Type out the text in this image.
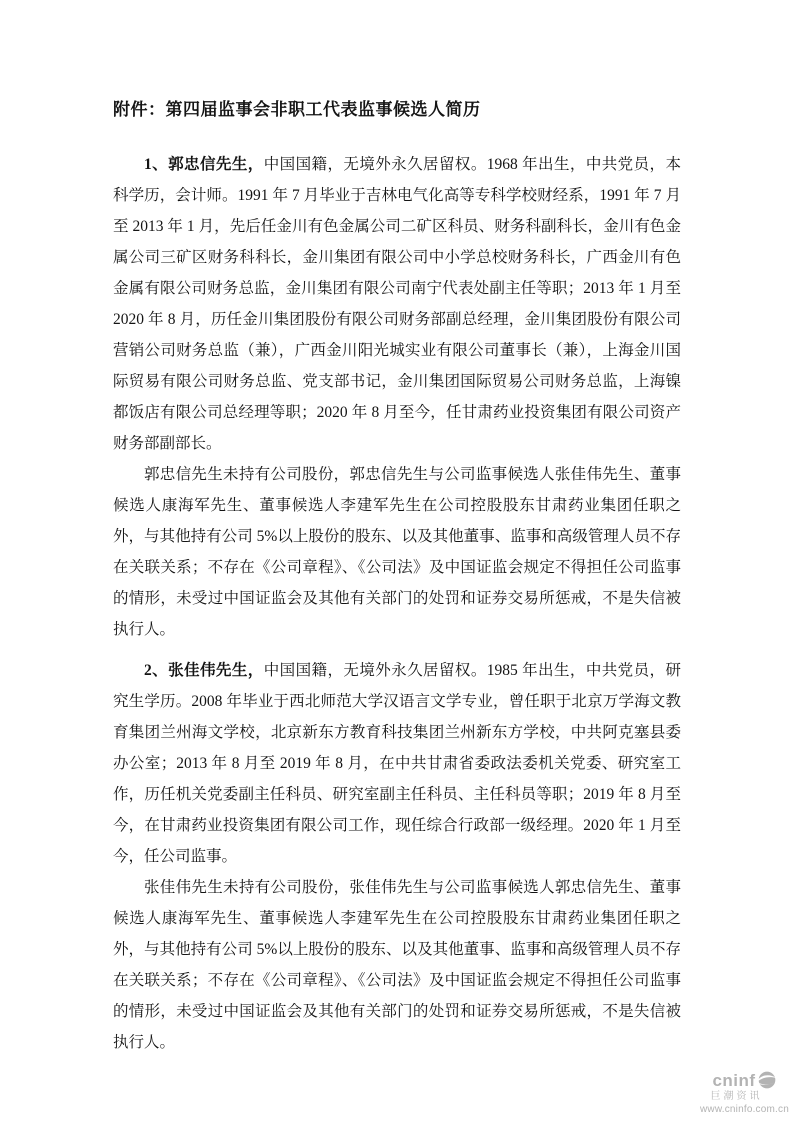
附件：第四届监事会非职工代表监事候选人简历

1、郭忠信先生，中国国籍，无境外永久居留权。1968 年出生，中共党员，本科学历，会计师。1991 年 7 月毕业于吉林电气化高等专科学校财经系，1991 年 7 月至 2013 年 1 月，先后任金川有色金属公司二矿区科员、财务科副科长，金川有色金属公司三矿区财务科科长，金川集团有限公司中小学总校财务科长，广西金川有色金属有限公司财务总监，金川集团有限公司南宁代表处副主任等职；2013 年 1 月至 2020 年 8 月，历任金川集团股份有限公司财务部副总经理，金川集团股份有限公司营销公司财务总监（兼），广西金川阳光城实业有限公司董事长（兼），上海金川国际贸易有限公司财务总监、党支部书记，金川集团国际贸易公司财务总监，上海镍都饭店有限公司总经理等职；2020 年 8 月至今，任甘肃药业投资集团有限公司资产财务部副部长。

郭忠信先生未持有公司股份，郭忠信先生与公司监事候选人张佳伟先生、董事候选人康海军先生、董事候选人李建军先生在公司控股股东甘肃药业集团任职之外，与其他持有公司 5%以上股份的股东、以及其他董事、监事和高级管理人员不存在关联关系；不存在《公司章程》、《公司法》及中国证监会规定不得担任公司监事的情形，未受过中国证监会及其他有关部门的处罚和证券交易所惩戒，不是失信被执行人。

2、张佳伟先生，中国国籍，无境外永久居留权。1985 年出生，中共党员，研究生学历。2008 年毕业于西北师范大学汉语言文学专业，曾任职于北京万学海文教育集团兰州海文学校，北京新东方教育科技集团兰州新东方学校，中共阿克塞县委办公室；2013 年 8 月至 2019 年 8 月，在中共甘肃省委政法委机关党委、研究室工作，历任机关党委副主任科员、研究室副主任科员、主任科员等职；2019 年 8 月至今，在甘肃药业投资集团有限公司工作，现任综合行政部一级经理。2020 年 1 月至今，任公司监事。

张佳伟先生未持有公司股份，张佳伟先生与公司监事候选人郭忠信先生、董事候选人康海军先生、董事候选人李建军先生在公司控股股东甘肃药业集团任职之外，与其他持有公司 5%以上股份的股东、以及其他董事、监事和高级管理人员不存在关联关系；不存在《公司章程》、《公司法》及中国证监会规定不得担任公司监事的情形，未受过中国证监会及其他有关部门的处罚和证券交易所惩戒，不是失信被执行人。

cninf
巨潮资讯
www.cninfo.com.cn
